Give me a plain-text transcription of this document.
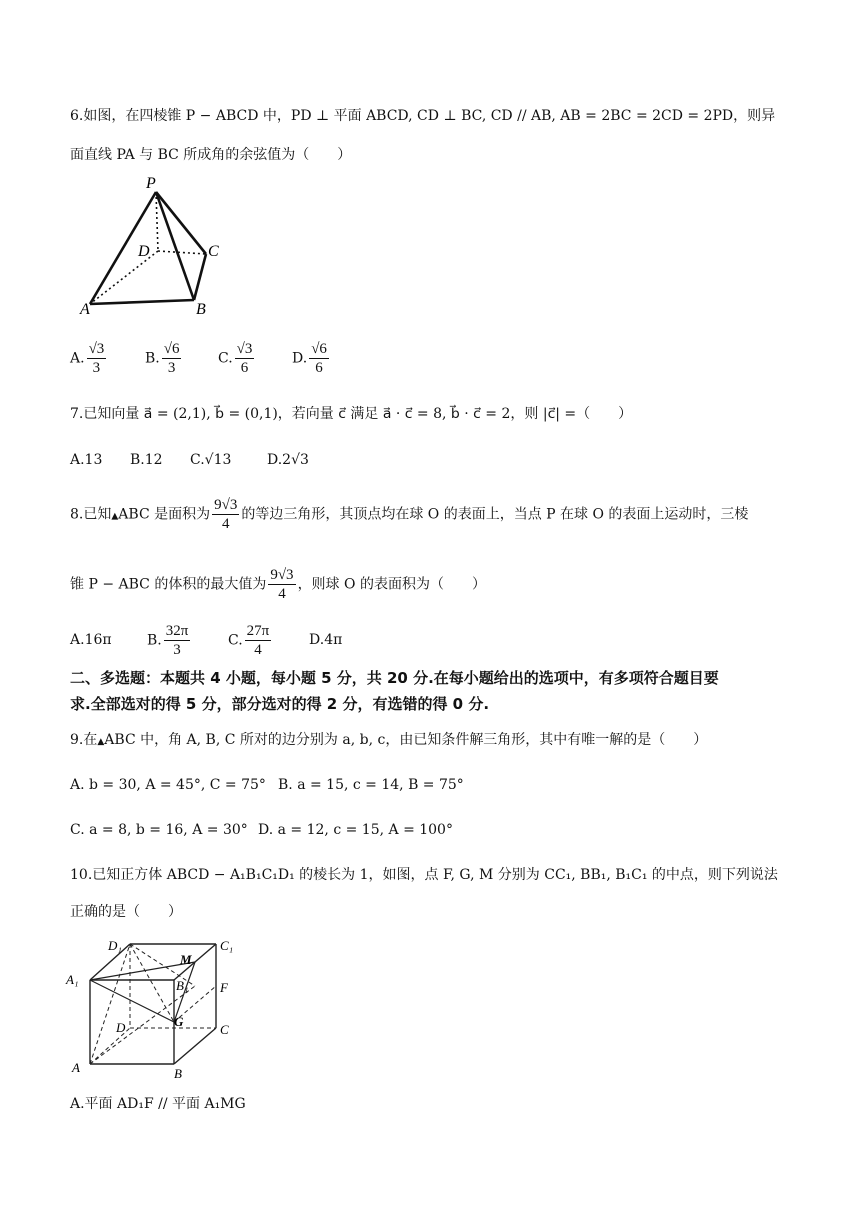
6.如图，在四棱锥 P − ABCD 中，PD ⊥ 平面 ABCD, CD ⊥ BC, CD // AB, AB = 2BC = 2CD = 2PD，则异
面直线 PA 与 BC 所成角的余弦值为（　　）
P
D	C
A	B
A. $\frac{√3}{3}$	B. $\frac{√6}{3}$	C. $\frac{√3}{6}$	D. $\frac{√6}{6}$
7.已知向量 a⃗ = (2,1), b⃗ = (0,1)，若向量 c⃗ 满足 a⃗ · c⃗ = 8, b⃗ · c⃗ = 2，则 |c⃗| =（　　）
A.13 B.12 C.√13	D.2√3
8.已知▲ABC 是面积为 $\frac{9√3}{4}$ 的等边三角形，其顶点均在球 O 的表面上，当点 P 在球 O 的表面上运动时，三棱
锥 P − ABC 的体积的最大值为 $\frac{9√3}{4}$ ，则球 O 的表面积为（　　）
A.16π	B. $\frac{32\pi}{3}$	C. $\frac{27\pi}{4}$	D.4π
二、多选题：本题共 4 小题，每小题 5 分，共 20 分.在每小题给出的选项中，有多项符合题目要
求.全部选对的得 5 分，部分选对的得 2 分，有选错的得 0 分.
9.在▲ABC 中，角 A, B, C 所对的边分别为 a, b, c，由已知条件解三角形，其中有唯一解的是（　　）
A. b = 30, A = 45°, C = 75° B. a = 15, c = 14, B = 75°
C. a = 8, b = 16, A = 30° D. a = 12, c = 15, A = 100°
10.已知正方体 ABCD − A₁B₁C₁D₁ 的棱长为 1，如图，点 F, G, M 分别为 CC₁, BB₁, B₁C₁ 的中点，则下列说法
正确的是（　　）
D₁	C₁
A₁	B₁
M
F
G
D	C
A	B
A.平面 AD₁F // 平面 A₁MG
